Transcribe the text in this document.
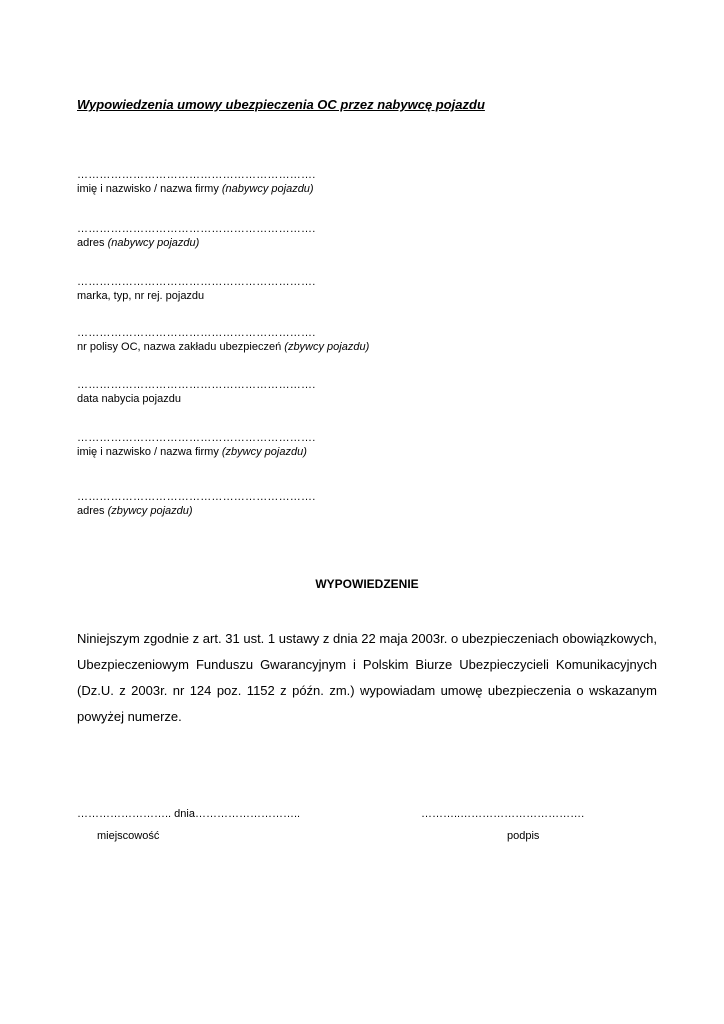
Wypowiedzenia umowy ubezpieczenia OC przez nabywcę pojazdu
……………………………………………………….
imię i nazwisko / nazwa firmy (nabywcy pojazdu)
……………………………………………………….
adres (nabywcy pojazdu)
……………………………………………………….
marka, typ, nr rej. pojazdu
……………………………………………………….
nr polisy OC, nazwa zakładu ubezpieczeń (zbywcy pojazdu)
……………………………………………………….
data nabycia pojazdu
……………………………………………………….
imię i nazwisko / nazwa firmy (zbywcy pojazdu)
……………………………………………………….
adres (zbywcy pojazdu)
WYPOWIEDZENIE
Niniejszym zgodnie z art. 31 ust. 1 ustawy z dnia 22 maja 2003r. o ubezpieczeniach obowiązkowych, Ubezpieczeniowym Funduszu Gwarancyjnym i Polskim Biurze Ubezpieczycieli Komunikacyjnych (Dz.U. z 2003r. nr 124 poz. 1152 z późn. zm.) wypowiadam umowę ubezpieczenia o wskazanym powyżej numerze.
…………………….. dnia………………………..	………..…………………………….
miejscowość	podpis
